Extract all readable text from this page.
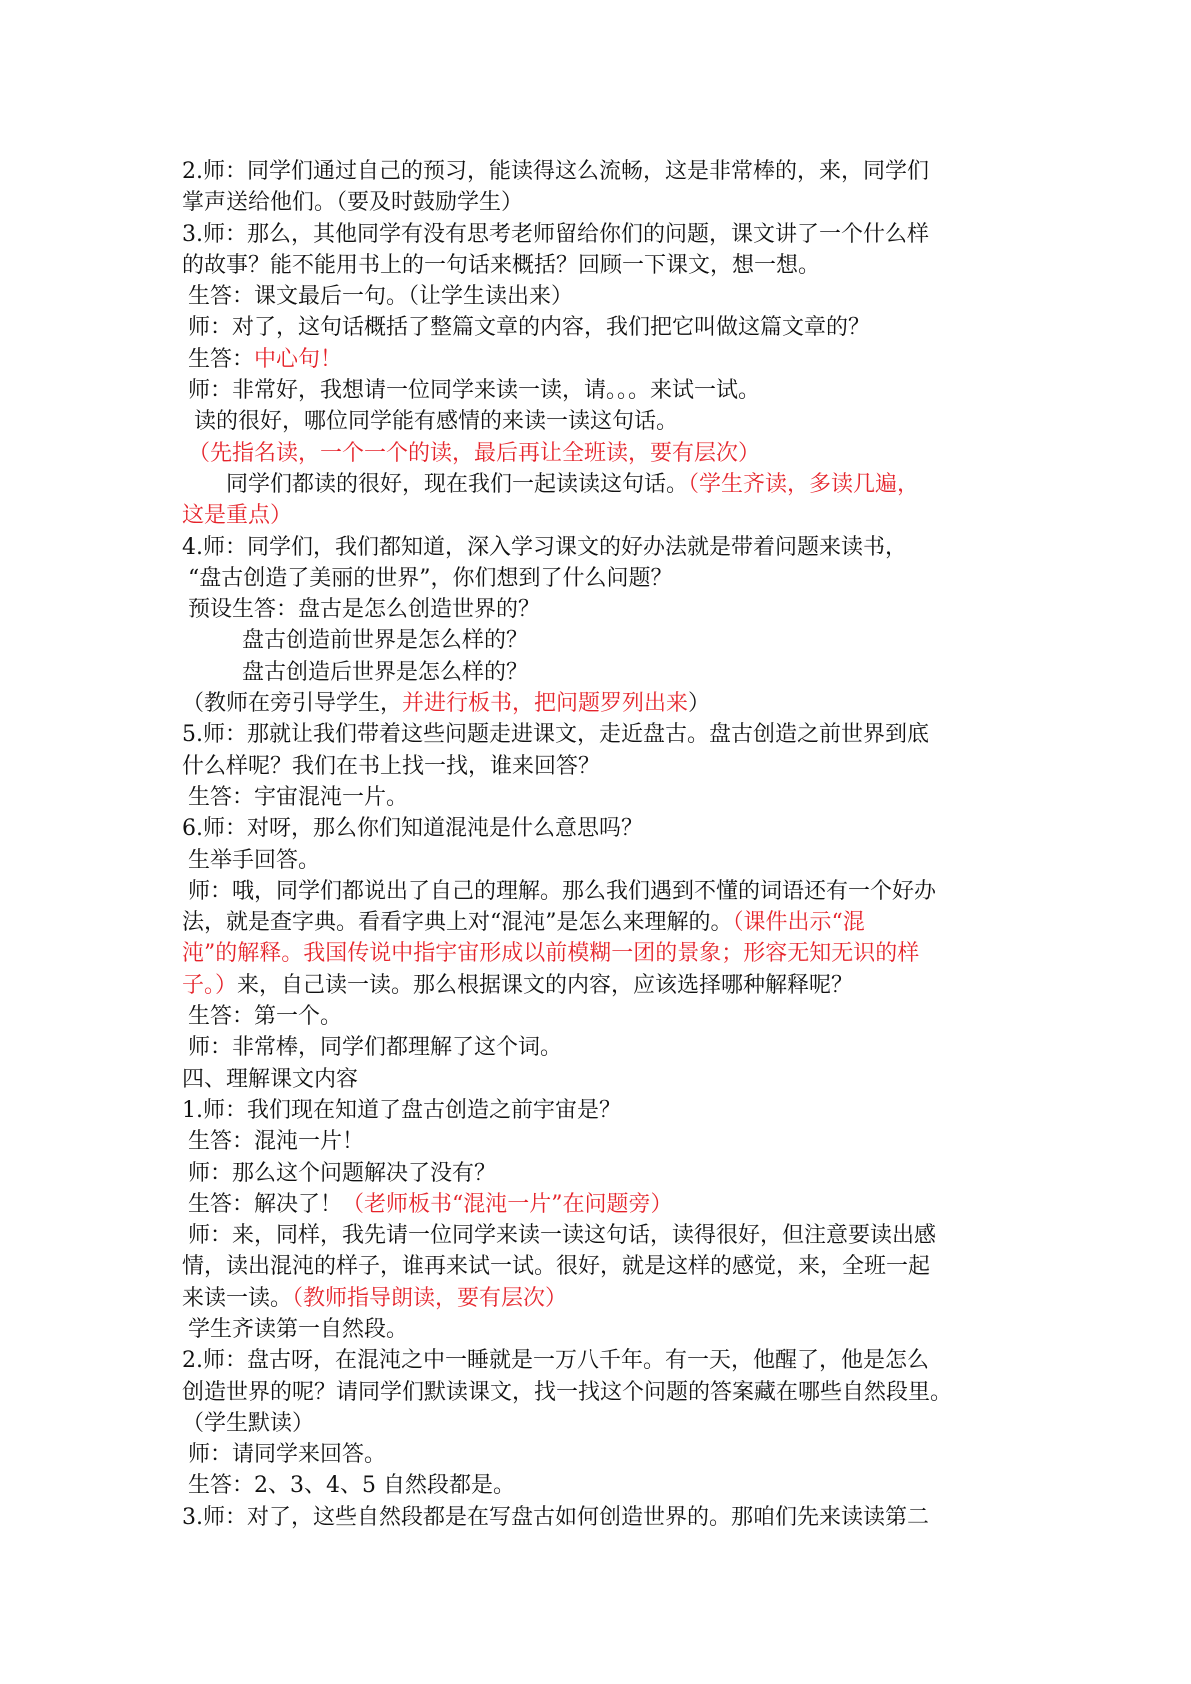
2.师：同学们通过自己的预习，能读得这么流畅，这是非常棒的，来，同学们
掌声送给他们。（要及时鼓励学生）
3.师：那么，其他同学有没有思考老师留给你们的问题，课文讲了一个什么样
的故事？能不能用书上的一句话来概括？回顾一下课文，想一想。
生答：课文最后一句。（让学生读出来）
师：对了，这句话概括了整篇文章的内容，我们把它叫做这篇文章的？
生答：中心句！
师：非常好，我想请一位同学来读一读，请。。。来试一试。
读的很好，哪位同学能有感情的来读一读这句话。
（先指名读，一个一个的读，最后再让全班读，要有层次）
同学们都读的很好，现在我们一起读读这句话。（学生齐读，多读几遍，
这是重点）
4.师：同学们，我们都知道，深入学习课文的好办法就是带着问题来读书，
“盘古创造了美丽的世界”，你们想到了什么问题？
预设生答：盘古是怎么创造世界的？
盘古创造前世界是怎么样的？
盘古创造后世界是怎么样的？
（教师在旁引导学生，并进行板书，把问题罗列出来）
5.师：那就让我们带着这些问题走进课文，走近盘古。盘古创造之前世界到底
什么样呢？我们在书上找一找，谁来回答？
生答：宇宙混沌一片。
6.师：对呀，那么你们知道混沌是什么意思吗？
生举手回答。
师：哦，同学们都说出了自己的理解。那么我们遇到不懂的词语还有一个好办
法，就是查字典。看看字典上对“混沌”是怎么来理解的。（课件出示“混
沌”的解释。我国传说中指宇宙形成以前模糊一团的景象；形容无知无识的样
子。）来，自己读一读。那么根据课文的内容，应该选择哪种解释呢？
生答：第一个。
师：非常棒，同学们都理解了这个词。
四、理解课文内容
1.师：我们现在知道了盘古创造之前宇宙是？
生答：混沌一片！
师：那么这个问题解决了没有？
生答：解决了！（老师板书“混沌一片”在问题旁）
师：来，同样，我先请一位同学来读一读这句话，读得很好，但注意要读出感
情，读出混沌的样子，谁再来试一试。很好，就是这样的感觉，来，全班一起
来读一读。（教师指导朗读，要有层次）
学生齐读第一自然段。
2.师：盘古呀，在混沌之中一睡就是一万八千年。有一天，他醒了，他是怎么
创造世界的呢？请同学们默读课文，找一找这个问题的答案藏在哪些自然段里。
（学生默读）
师：请同学来回答。
生答：2、3、4、5 自然段都是。
3.师：对了，这些自然段都是在写盘古如何创造世界的。那咱们先来读读第二
